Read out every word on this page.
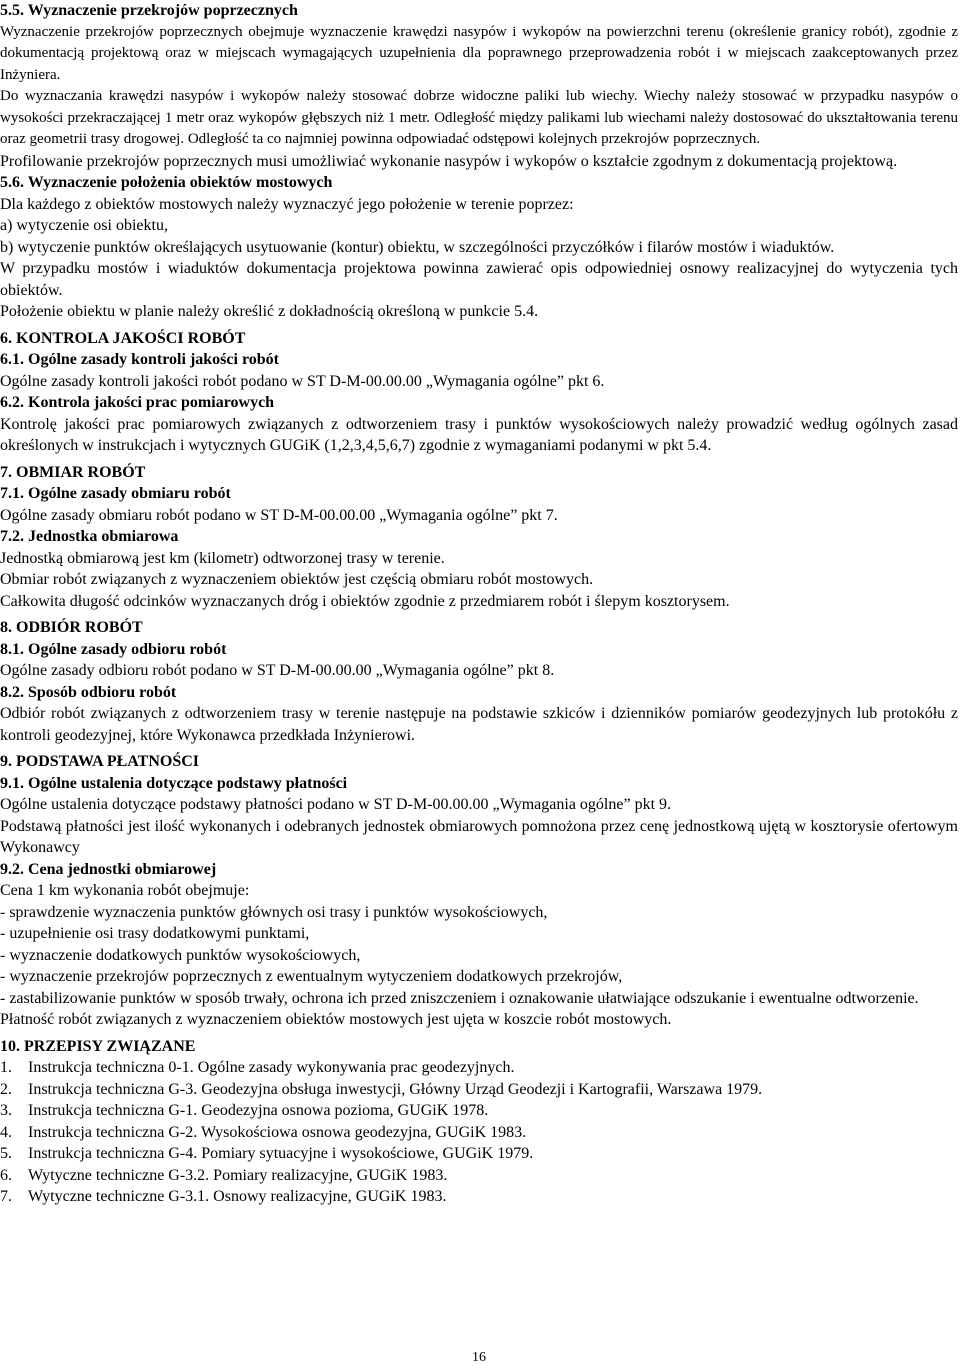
5.5. Wyznaczenie przekrojów poprzecznych

Wyznaczenie przekrojów poprzecznych obejmuje wyznaczenie krawędzi nasypów i wykopów na powierzchni terenu (określenie granicy robót), zgodnie z dokumentacją projektową oraz w miejscach wymagających uzupełnienia dla poprawnego przeprowadzenia robót i w miejscach zaakceptowanych przez Inżyniera.

Do wyznaczania krawędzi nasypów i wykopów należy stosować dobrze widoczne paliki lub wiechy. Wiechy należy stosować w przypadku nasypów o wysokości przekraczającej 1 metr oraz wykopów głębszych niż 1 metr. Odległość między palikami lub wiechami należy dostosować do ukształtowania terenu oraz geometrii trasy drogowej. Odległość ta co najmniej powinna odpowiadać odstępowi kolejnych przekrojów poprzecznych.

Profilowanie przekrojów poprzecznych musi umożliwiać wykonanie nasypów i wykopów o kształcie zgodnym z dokumentacją projektową.

5.6. Wyznaczenie położenia obiektów mostowych

Dla każdego z obiektów mostowych należy wyznaczyć jego położenie w terenie poprzez:

a) wytyczenie osi obiektu,

b) wytyczenie punktów określających usytuowanie (kontur) obiektu, w szczególności przyczółków i filarów mostów i wiaduktów.

W przypadku mostów i wiaduktów dokumentacja projektowa powinna zawierać opis odpowiedniej osnowy realizacyjnej do wytyczenia tych obiektów.

Położenie obiektu w planie należy określić z dokładnością określoną w punkcie 5.4.

6. KONTROLA JAKOŚCI ROBÓT
6.1. Ogólne zasady kontroli jakości robót

Ogólne zasady kontroli jakości robót podano w ST D-M-00.00.00 „Wymagania ogólne” pkt 6.

6.2. Kontrola jakości prac pomiarowych

Kontrolę jakości prac pomiarowych związanych z odtworzeniem trasy i punktów wysokościowych należy prowadzić według ogólnych zasad określonych w instrukcjach i wytycznych GUGiK (1,2,3,4,5,6,7) zgodnie z wymaganiami podanymi w pkt 5.4.

7. OBMIAR ROBÓT
7.1. Ogólne zasady obmiaru robót

Ogólne zasady obmiaru robót podano w ST D-M-00.00.00 „Wymagania ogólne” pkt 7.

7.2. Jednostka obmiarowa

Jednostką obmiarową jest km (kilometr) odtworzonej trasy w terenie.

Obmiar robót związanych z wyznaczeniem obiektów jest częścią obmiaru robót mostowych.

Całkowita długość odcinków wyznaczanych dróg i obiektów zgodnie z przedmiarem robót i ślepym kosztorysem.

8. ODBIÓR ROBÓT
8.1. Ogólne zasady odbioru robót

Ogólne zasady odbioru robót podano w ST D-M-00.00.00 „Wymagania ogólne” pkt 8.

8.2. Sposób odbioru robót

Odbiór robót związanych z odtworzeniem trasy w terenie następuje na podstawie szkiców i dzienników pomiarów geodezyjnych lub protokółu z kontroli geodezyjnej, które Wykonawca przedkłada Inżynierowi.

9. PODSTAWA PŁATNOŚCI
9.1. Ogólne ustalenia dotyczące podstawy płatności

Ogólne ustalenia dotyczące podstawy płatności podano w ST D-M-00.00.00 „Wymagania ogólne” pkt 9.

Podstawą płatności jest ilość wykonanych i odebranych jednostek obmiarowych pomnożona przez cenę jednostkową ujętą w kosztorysie ofertowym Wykonawcy

9.2. Cena jednostki obmiarowej

Cena 1 km wykonania robót obejmuje:

- sprawdzenie wyznaczenia punktów głównych osi trasy i punktów wysokościowych,

- uzupełnienie osi trasy dodatkowymi punktami,

- wyznaczenie dodatkowych punktów wysokościowych,

- wyznaczenie przekrojów poprzecznych z ewentualnym wytyczeniem dodatkowych przekrojów,

- zastabilizowanie punktów w sposób trwały, ochrona ich przed zniszczeniem i oznakowanie ułatwiające odszukanie i ewentualne odtworzenie.

Płatność robót związanych z wyznaczeniem obiektów mostowych jest ujęta w koszcie robót mostowych.

10. PRZEPISY ZWIĄZANE
1.	Instrukcja techniczna 0-1. Ogólne zasady wykonywania prac geodezyjnych.
2.	Instrukcja techniczna G-3. Geodezyjna obsługa inwestycji, Główny Urząd Geodezji i Kartografii, Warszawa 1979.
3.	Instrukcja techniczna G-1. Geodezyjna osnowa pozioma, GUGiK 1978.
4.	Instrukcja techniczna G-2. Wysokościowa osnowa geodezyjna, GUGiK 1983.
5.	Instrukcja techniczna G-4. Pomiary sytuacyjne i wysokościowe, GUGiK 1979.
6.	Wytyczne techniczne G-3.2. Pomiary realizacyjne, GUGiK 1983.
7.	Wytyczne techniczne G-3.1. Osnowy realizacyjne, GUGiK 1983.
16
